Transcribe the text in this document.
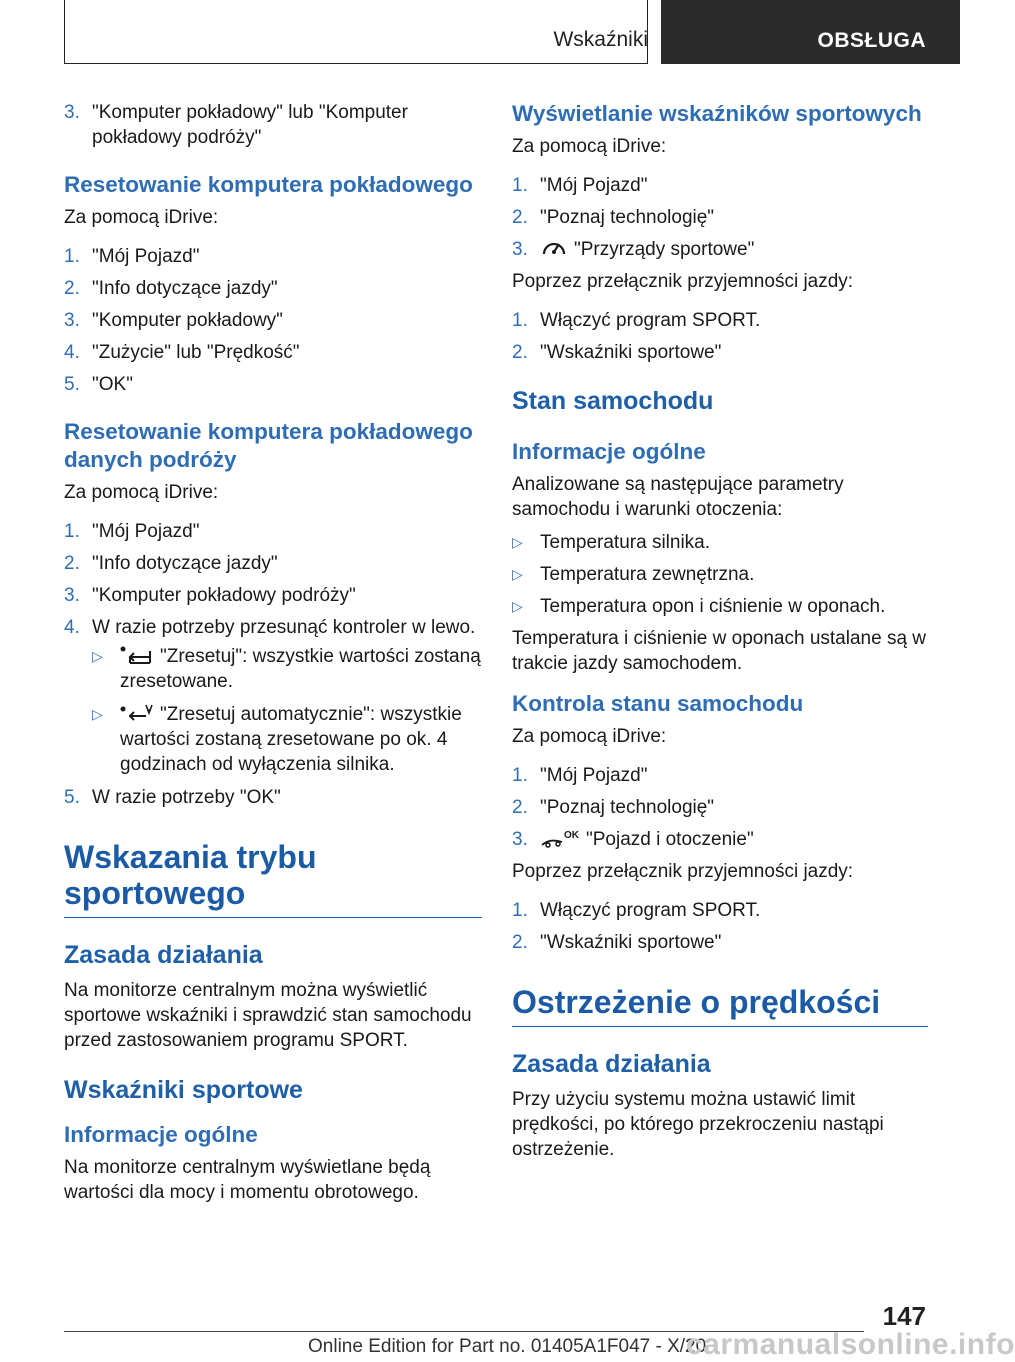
Wskaźniki	OBSŁUGA
3. "Komputer pokładowy" lub "Komputer pokładowy podróży"
Resetowanie komputera pokładowego

Za pomocą iDrive:

1. "Mój Pojazd"
2. "Info dotyczące jazdy"
3. "Komputer pokładowy"
4. "Zużycie" lub "Prędkość"
5. "OK"
Resetowanie komputera pokładowego danych podróży

Za pomocą iDrive:

1. "Mój Pojazd"
2. "Info dotyczące jazdy"
3. "Komputer pokładowy podróży"
4. W razie potrzeby przesunąć kontroler w lewo.
▷	"Zresetuj": wszystkie wartości zostaną zresetowane.
▷	"Zresetuj automatycznie": wszystkie wartości zostaną zresetowane po ok. 4 godzinach od wyłączenia silnika.
5. W razie potrzeby "OK"
Wskazania trybu sportowego
Zasada działania

Na monitorze centralnym można wyświetlić sportowe wskaźniki i sprawdzić stan samochodu przed zastosowaniem programu SPORT.

Wskaźniki sportowe
Informacje ogólne

Na monitorze centralnym wyświetlane będą wartości dla mocy i momentu obrotowego.

Wyświetlanie wskaźników sportowych

Za pomocą iDrive:

1. "Mój Pojazd"
2. "Poznaj technologię"
3. "Przyrządy sportowe"

Poprzez przełącznik przyjemności jazdy:

1. Włączyć program SPORT.
2. "Wskaźniki sportowe"
Stan samochodu
Informacje ogólne

Analizowane są następujące parametry samochodu i warunki otoczenia:

▷ Temperatura silnika.
▷ Temperatura zewnętrzna.
▷ Temperatura opon i ciśnienie w oponach.

Temperatura i ciśnienie w oponach ustalane są w trakcie jazdy samochodem.

Kontrola stanu samochodu

Za pomocą iDrive:

1. "Mój Pojazd"
2. "Poznaj technologię"
3.	OK "Pojazd i otoczenie"

Poprzez przełącznik przyjemności jazdy:

1. Włączyć program SPORT.
2. "Wskaźniki sportowe"
Ostrzeżenie o prędkości
Zasada działania

Przy użyciu systemu można ustawić limit prędkości, po którego przekroczeniu nastąpi ostrzeżenie.

147
Online Edition for Part no. 01405A1F047 - X/20
carmanualsonline.info
